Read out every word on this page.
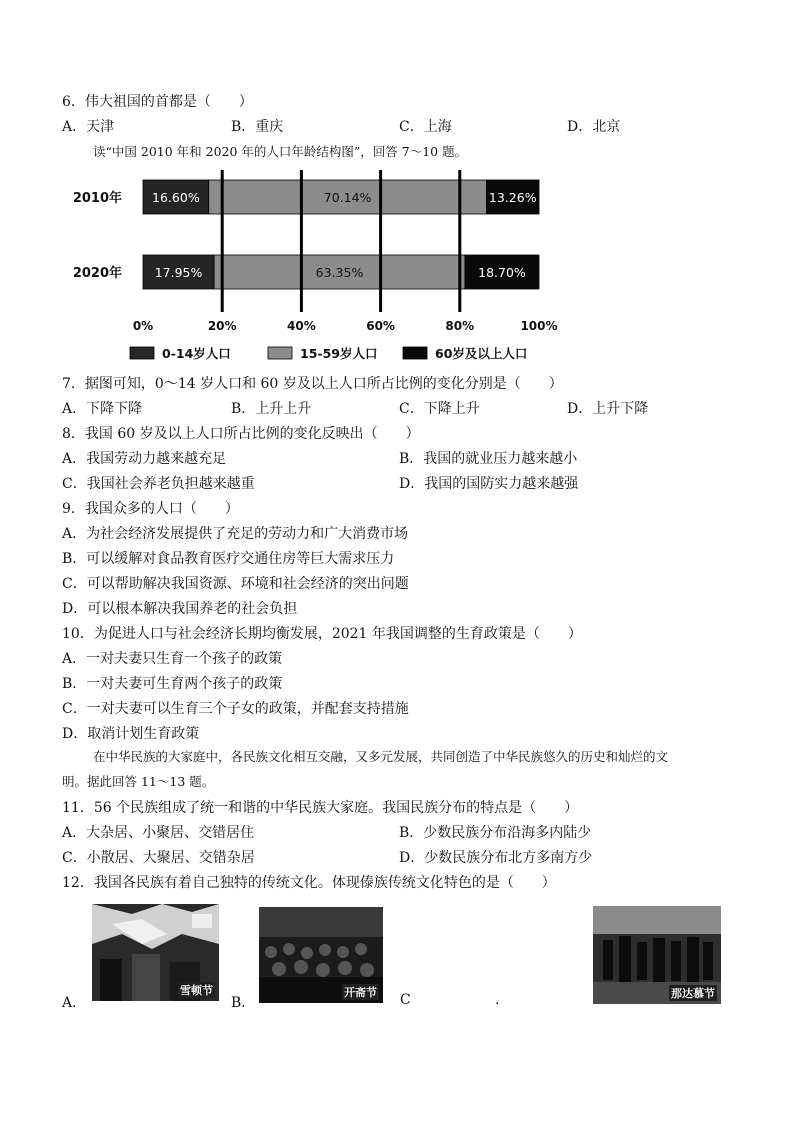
6．伟大祖国的首都是（　　）
A．天津	B．重庆	C．上海	D．北京
读“中国 2010 年和 2020 年的人口年龄结构图”，回答 7～10 题。
16.60%	70.14%	13.26%
2010年
17.95%	63.35%	18.70%
2020年
0%	20%	40%	60%	80%	100%
0-14岁人口	15-59岁人口	60岁及以上人口
7．据图可知，0～14 岁人口和 60 岁及以上人口所占比例的变化分别是（　　）
A．下降下降	B．上升上升	C．下降上升	D．上升下降
8．我国 60 岁及以上人口所占比例的变化反映出（　　）
A．我国劳动力越来越充足	B．我国的就业压力越来越小
C．我国社会养老负担越来越重	D．我国的国防实力越来越强
9．我国众多的人口（　　）
A．为社会经济发展提供了充足的劳动力和广大消费市场
B．可以缓解对食品教育医疗交通住房等巨大需求压力
C．可以帮助解决我国资源、环境和社会经济的突出问题
D．可以根本解决我国养老的社会负担
10．为促进人口与社会经济长期均衡发展，2021 年我国调整的生育政策是（　　）
A．一对夫妻只生育一个孩子的政策
B．一对夫妻可生育两个孩子的政策
C．一对夫妻可以生育三个子女的政策，并配套支持措施
D．取消计划生育政策
在中华民族的大家庭中，各民族文化相互交融，又多元发展，共同创造了中华民族悠久的历史和灿烂的文
明。据此回答 11～13 题。
11．56 个民族组成了统一和谐的中华民族大家庭。我国民族分布的特点是（　　）
A．大杂居、小聚居、交错居住	B．少数民族分布沿海多内陆少
C．小散居、大聚居、交错杂居	D．少数民族分布北方多南方少
12．我国各民族有着自己独特的传统文化。体现傣族传统文化特色的是（　　）
A．
雪顿节
B．
开斋节 C	.	那达慕节
